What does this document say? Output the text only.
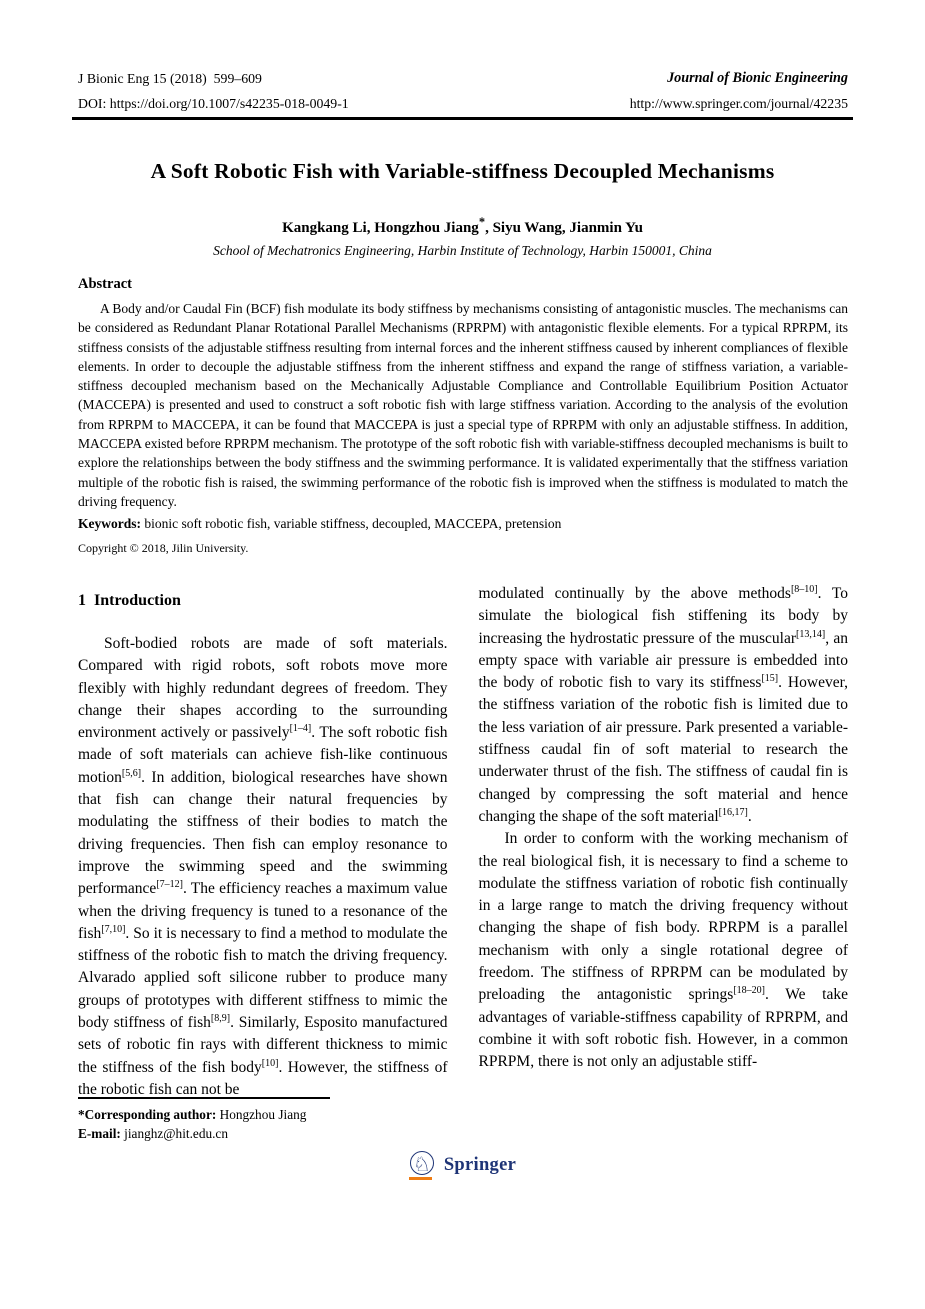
J Bionic Eng 15 (2018)  599–609
DOI: https://doi.org/10.1007/s42235-018-0049-1
Journal of Bionic Engineering
http://www.springer.com/journal/42235
A Soft Robotic Fish with Variable-stiffness Decoupled Mechanisms
Kangkang Li, Hongzhou Jiang*, Siyu Wang, Jianmin Yu
School of Mechatronics Engineering, Harbin Institute of Technology, Harbin 150001, China
Abstract
A Body and/or Caudal Fin (BCF) fish modulate its body stiffness by mechanisms consisting of antagonistic muscles. The mechanisms can be considered as Redundant Planar Rotational Parallel Mechanisms (RPRPM) with antagonistic flexible elements. For a typical RPRPM, its stiffness consists of the adjustable stiffness resulting from internal forces and the inherent stiffness caused by inherent compliances of flexible elements. In order to decouple the adjustable stiffness from the inherent stiffness and expand the range of stiffness variation, a variable-stiffness decoupled mechanism based on the Mechanically Adjustable Compliance and Controllable Equilibrium Position Actuator (MACCEPA) is presented and used to construct a soft robotic fish with large stiffness variation. According to the analysis of the evolution from RPRPM to MACCEPA, it can be found that MACCEPA is just a special type of RPRPM with only an adjustable stiffness. In addition, MACCEPA existed before RPRPM mechanism. The prototype of the soft robotic fish with variable-stiffness decoupled mechanisms is built to explore the relationships between the body stiffness and the swimming performance. It is validated experimentally that the stiffness variation multiple of the robotic fish is raised, the swimming performance of the robotic fish is improved when the stiffness is modulated to match the driving frequency.
Keywords: bionic soft robotic fish, variable stiffness, decoupled, MACCEPA, pretension
Copyright © 2018, Jilin University.
1  Introduction

Soft-bodied robots are made of soft materials. Compared with rigid robots, soft robots move more flexibly with highly redundant degrees of freedom. They change their shapes according to the surrounding environment actively or passively[1–4]. The soft robotic fish made of soft materials can achieve fish-like continuous motion[5,6]. In addition, biological researches have shown that fish can change their natural frequencies by modulating the stiffness of their bodies to match the driving frequencies. Then fish can employ resonance to improve the swimming speed and the swimming performance[7–12]. The efficiency reaches a maximum value when the driving frequency is tuned to a resonance of the fish[7,10]. So it is necessary to find a method to modulate the stiffness of the robotic fish to match the driving frequency. Alvarado applied soft silicone rubber to produce many groups of prototypes with different stiffness to mimic the body stiffness of fish[8,9]. Similarly, Esposito manufactured sets of robotic fin rays with different thickness to mimic the stiffness of the fish body[10]. However, the stiffness of the robotic fish can not be

modulated continually by the above methods[8–10]. To simulate the biological fish stiffening its body by increasing the hydrostatic pressure of the muscular[13,14], an empty space with variable air pressure is embedded into the body of robotic fish to vary its stiffness[15]. However, the stiffness variation of the robotic fish is limited due to the less variation of air pressure. Park presented a variable-stiffness caudal fin of soft material to research the underwater thrust of the fish. The stiffness of caudal fin is changed by compressing the soft material and hence changing the shape of the soft material[16,17].

In order to conform with the working mechanism of the real biological fish, it is necessary to find a scheme to modulate the stiffness variation of robotic fish continually in a large range to match the driving frequency without changing the shape of fish body. RPRPM is a parallel mechanism with only a single rotational degree of freedom. The stiffness of RPRPM can be modulated by preloading the antagonistic springs[18–20]. We take advantages of variable-stiffness capability of RPRPM, and combine it with soft robotic fish. However, in a common RPRPM, there is not only an adjustable stiff-

*Corresponding author: Hongzhou Jiang
E-mail: jianghz@hit.edu.cn
♘ Springer
